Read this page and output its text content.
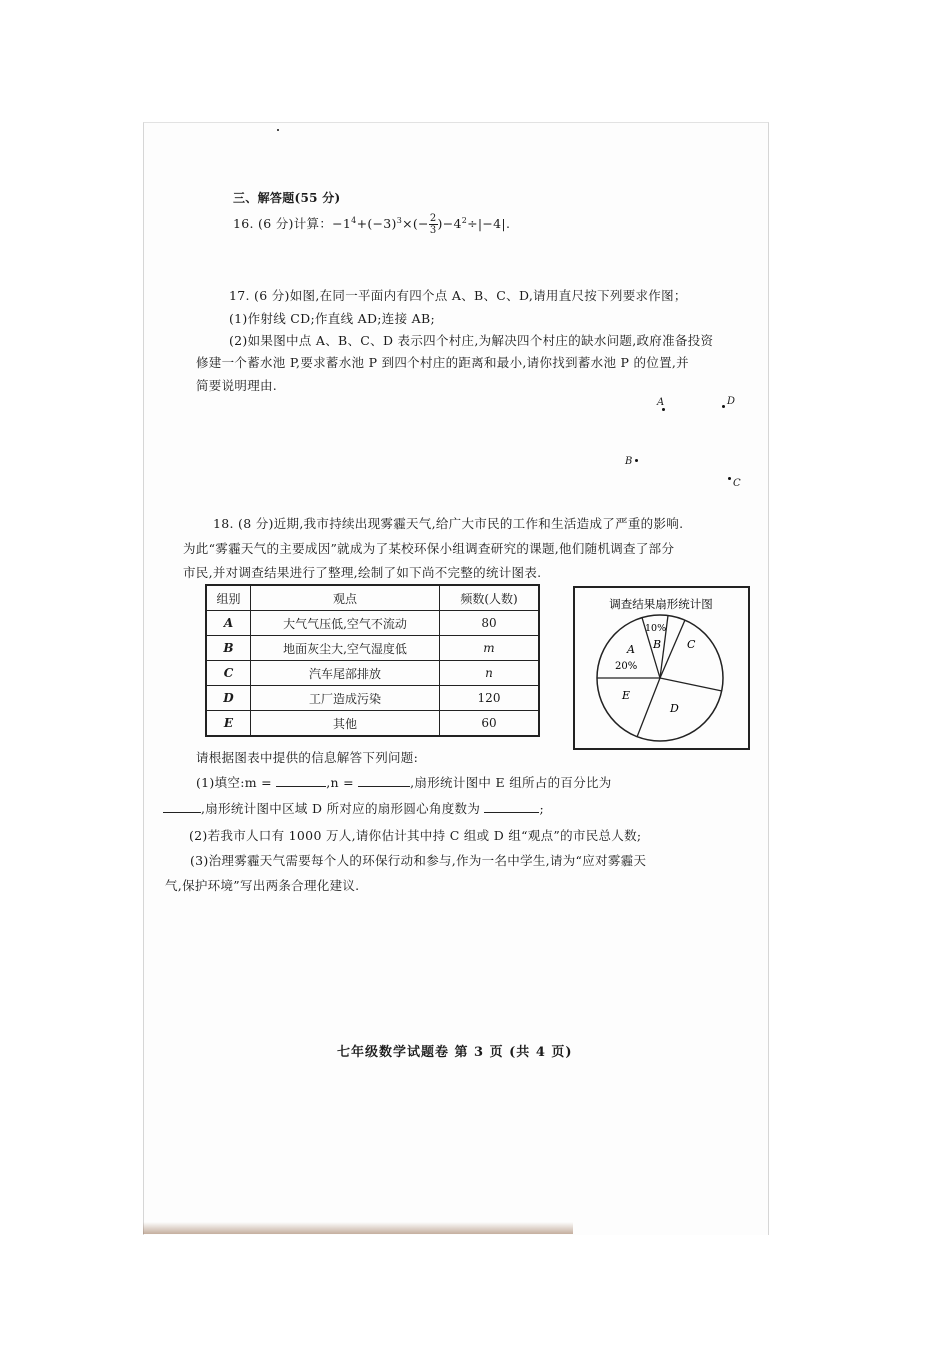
三、解答题(55 分)
16. (6 分)计算：$-1^4+(-3)^3\times(- \frac{2}{3} )-4^2\div|-4|$.
17. (6 分)如图,在同一平面内有四个点 A、B、C、D,请用直尺按下列要求作图；
(1)作射线 CD;作直线 AD;连接 AB;
(2)如果图中点 A、B、C、D 表示四个村庄,为解决四个村庄的缺水问题,政府准备投资
修建一个蓄水池 P,要求蓄水池 P 到四个村庄的距离和最小,请你找到蓄水池 P 的位置,并
简要说明理由.
A	D
B
C
18. (8 分)近期,我市持续出现雾霾天气,给广大市民的工作和生活造成了严重的影响.
为此“雾霾天气的主要成因”就成为了某校环保小组调查研究的课题,他们随机调查了部分
市民,并对调查结果进行了整理,绘制了如下尚不完整的统计图表.
组别	观点	频数(人数)
A	大气气压低,空气不流动	80
B	地面灰尘大,空气湿度低	m
C	汽车尾部排放	n
D	工厂造成污染	120
E	其他	60
调查结果扇形统计图
A
20%
B
10%
C
D
E
请根据图表中提供的信息解答下列问题:
(1)填空:m =	,n =	,扇形统计图中 E 组所占的百分比为
,扇形统计图中区域 D 所对应的扇形圆心角度数为	;
(2)若我市人口有 1000 万人,请你估计其中持 C 组或 D 组“观点”的市民总人数;
(3)治理雾霾天气需要每个人的环保行动和参与,作为一名中学生,请为“应对雾霾天
气,保护环境”写出两条合理化建议.
七年级数学试题卷 第 3 页 (共 4 页)
